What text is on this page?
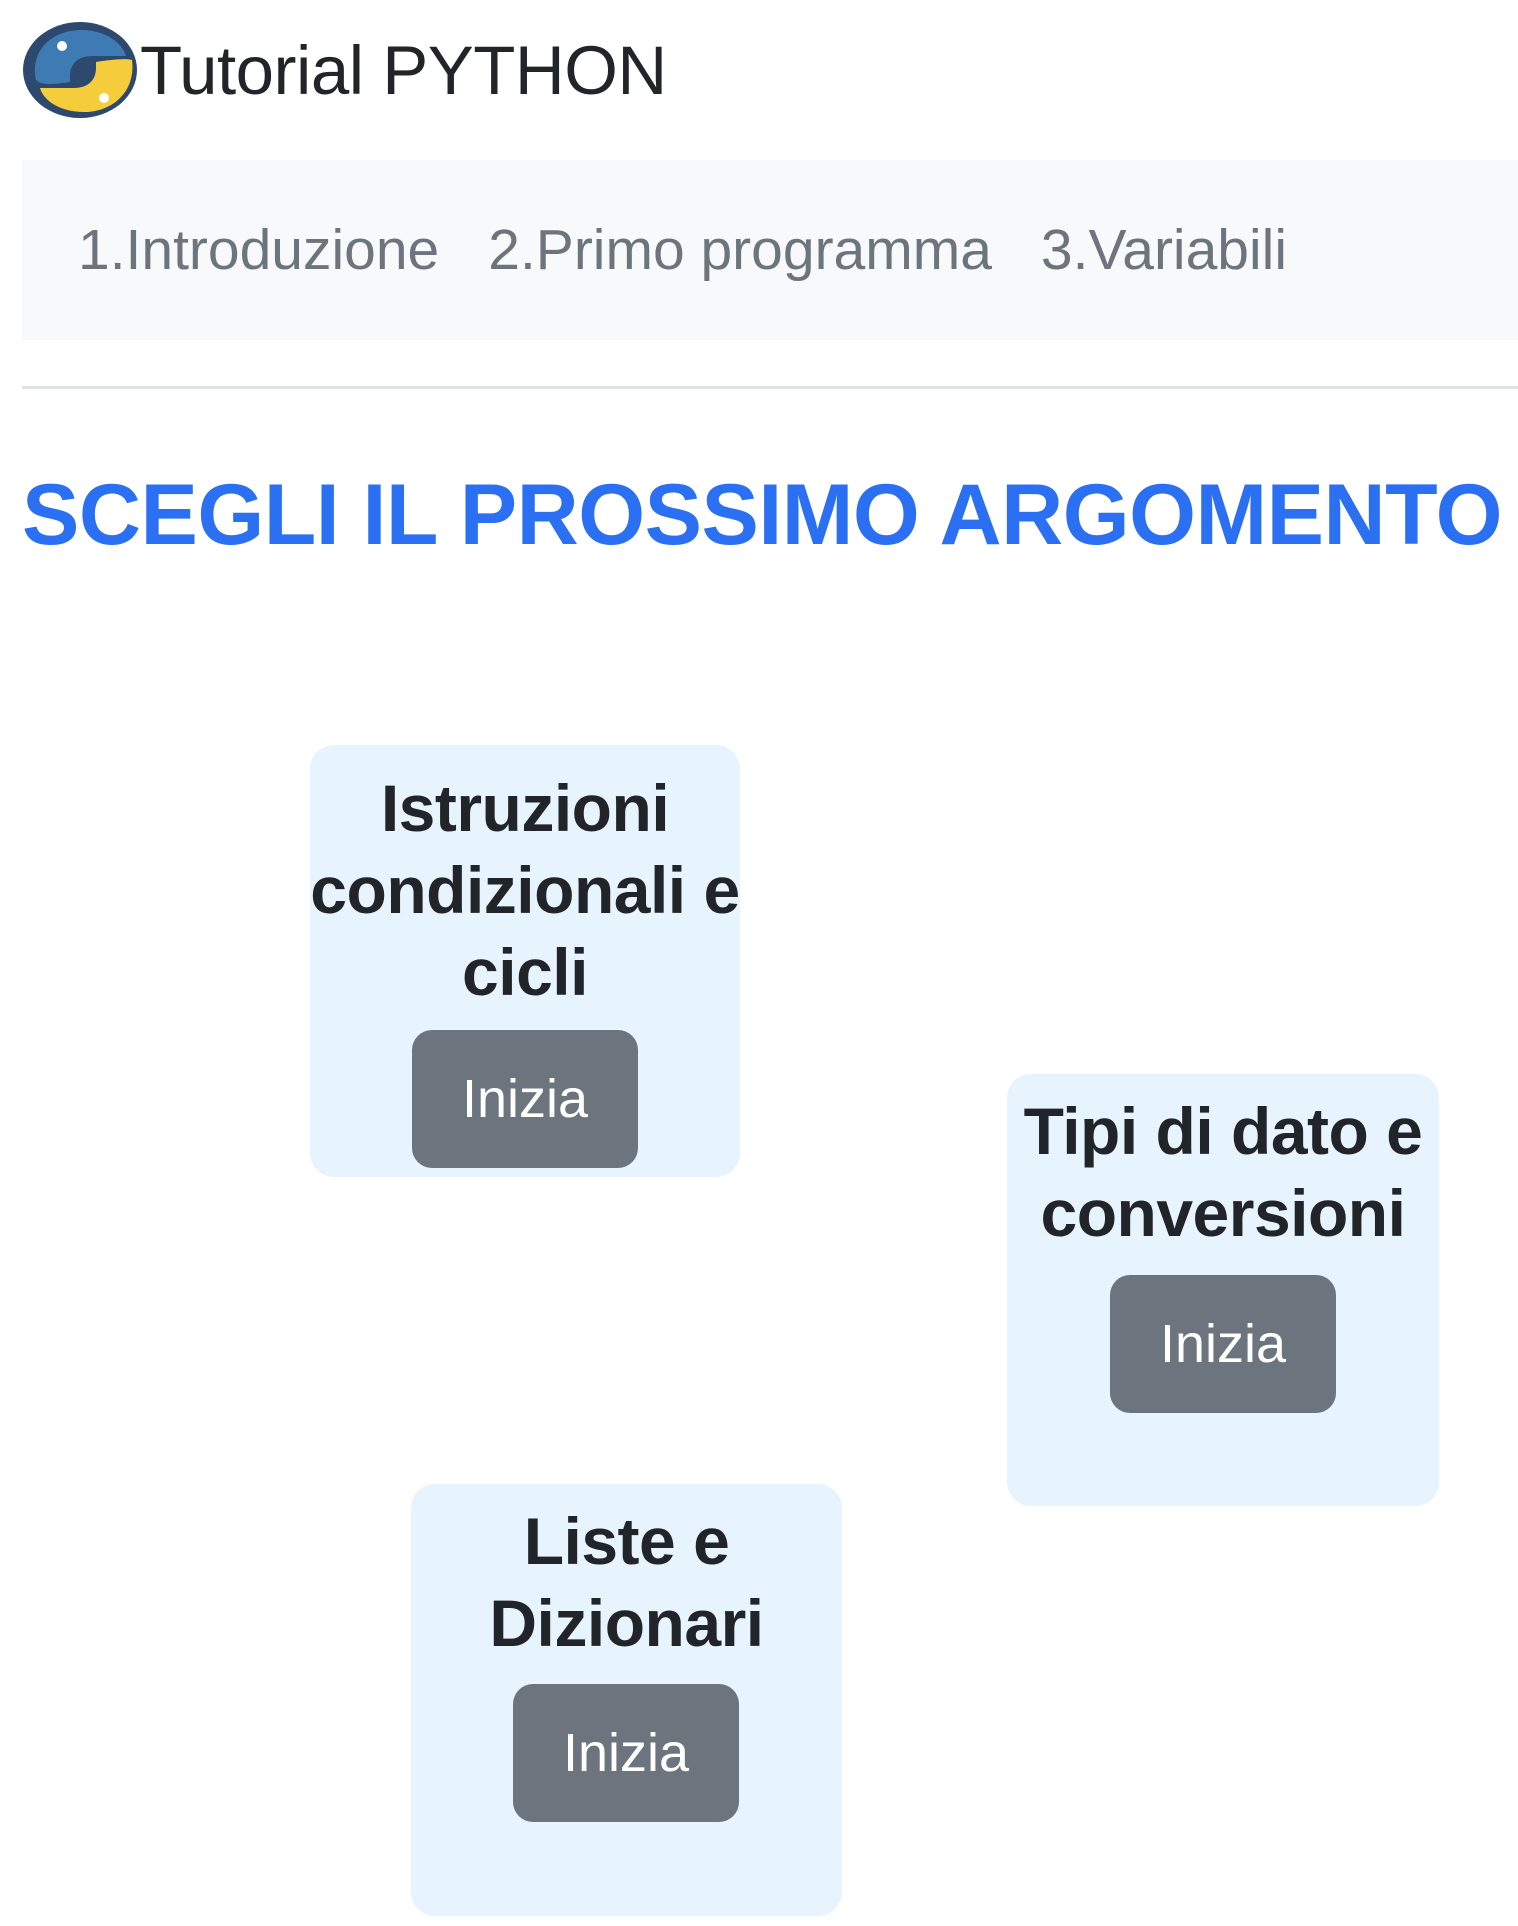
Tutorial PYTHON
1.Introduzione 2.Primo programma 3.Variabili
SCEGLI IL PROSSIMO ARGOMENTO
Istruzioni condizionali e cicli
Inizia	Tipi di dato e conversioni
Inizia
Liste e Dizionari
Inizia
